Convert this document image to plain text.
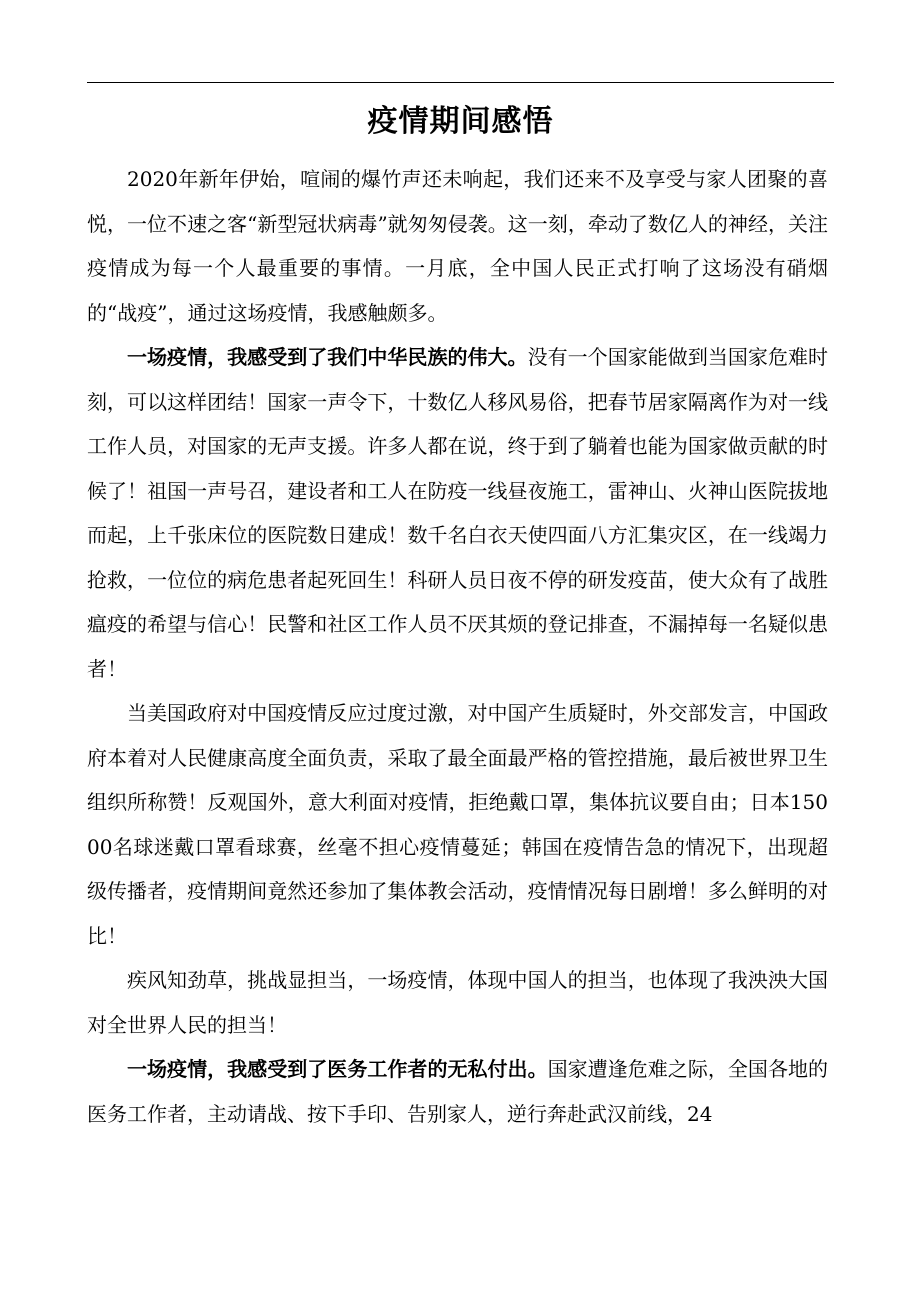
疫情期间感悟

2020年新年伊始，喧闹的爆竹声还未响起，我们还来不及享受与家人团聚的喜悦，一位不速之客“新型冠状病毒”就匆匆侵袭。这一刻，牵动了数亿人的神经，关注疫情成为每一个人最重要的事情。一月底，全中国人民正式打响了这场没有硝烟的“战疫”，通过这场疫情，我感触颇多。

一场疫情，我感受到了我们中华民族的伟大。没有一个国家能做到当国家危难时刻，可以这样团结！国家一声令下，十数亿人移风易俗，把春节居家隔离作为对一线工作人员，对国家的无声支援。许多人都在说，终于到了躺着也能为国家做贡献的时候了！祖国一声号召，建设者和工人在防疫一线昼夜施工，雷神山、火神山医院拔地而起，上千张床位的医院数日建成！数千名白衣天使四面八方汇集灾区，在一线竭力抢救，一位位的病危患者起死回生！科研人员日夜不停的研发疫苗，使大众有了战胜瘟疫的希望与信心！民警和社区工作人员不厌其烦的登记排查，不漏掉每一名疑似患者！

当美国政府对中国疫情反应过度过激，对中国产生质疑时，外交部发言，中国政府本着对人民健康高度全面负责，采取了最全面最严格的管控措施，最后被世界卫生组织所称赞！反观国外，意大利面对疫情，拒绝戴口罩，集体抗议要自由；日本15000名球迷戴口罩看球赛，丝毫不担心疫情蔓延；韩国在疫情告急的情况下，出现超级传播者，疫情期间竟然还参加了集体教会活动，疫情情况每日剧增！多么鲜明的对比！

疾风知劲草，挑战显担当，一场疫情，体现中国人的担当，也体现了我泱泱大国对全世界人民的担当！

一场疫情，我感受到了医务工作者的无私付出。国家遭逢危难之际，全国各地的医务工作者，主动请战、按下手印、告别家人，逆行奔赴武汉前线，24
